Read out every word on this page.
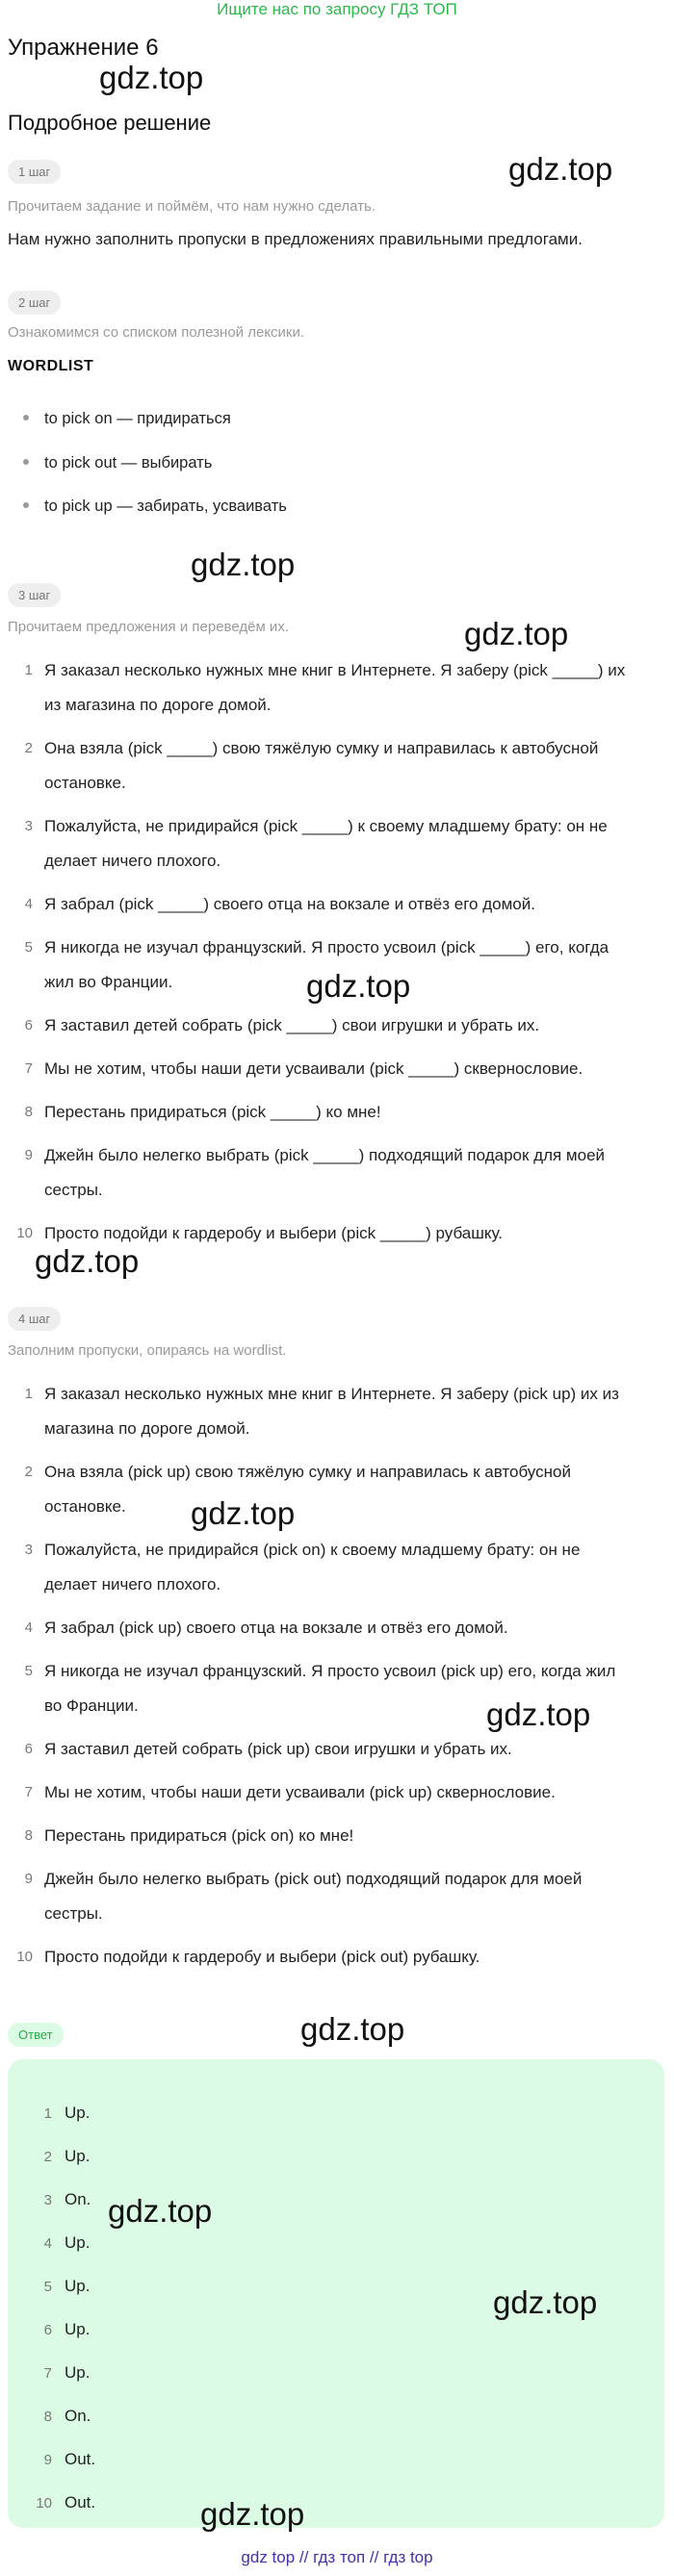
Ищите нас по запросу ГДЗ ТОП
Упражнение 6
gdz.top
Подробное решение
1 шаг	gdz.top
Прочитаем задание и поймём, что нам нужно сделать.
Нам нужно заполнить пропуски в предложениях правильными предлогами.
2 шаг
Ознакомимся со списком полезной лексики.
WORDLIST
to pick on — придираться
to pick out — выбирать
to pick up — забирать, усваивать
gdz.top
3 шаг
Прочитаем предложения и переведём их.	gdz.top
1 Я заказал несколько нужных мне книг в Интернете. Я заберу (pick _____) их
из магазина по дороге домой.
2 Она взяла (pick _____) свою тяжёлую сумку и направилась к автобусной
остановке.
3 Пожалуйста, не придирайся (pick _____) к своему младшему брату: он не
делает ничего плохого.
4 Я забрал (pick _____) своего отца на вокзале и отвёз его домой.
5 Я никогда не изучал французский. Я просто усвоил (pick _____) его, когда
жил во Франции.	gdz.top
6 Я заставил детей собрать (pick _____) свои игрушки и убрать их.
7 Мы не хотим, чтобы наши дети усваивали (pick _____) сквернословие.
8 Перестань придираться (pick _____) ко мне!
9 Джейн было нелегко выбрать (pick _____) подходящий подарок для моей
сестры.
10 Просто подойди к гардеробу и выбери (pick _____) рубашку.
gdz.top
4 шаг
Заполним пропуски, опираясь на wordlist.
1 Я заказал несколько нужных мне книг в Интернете. Я заберу (pick up) их из
магазина по дороге домой.
2 Она взяла (pick up) свою тяжёлую сумку и направилась к автобусной
остановке.	gdz.top
3 Пожалуйста, не придирайся (pick on) к своему младшему брату: он не
делает ничего плохого.
4 Я забрал (pick up) своего отца на вокзале и отвёз его домой.
5 Я никогда не изучал французский. Я просто усвоил (pick up) его, когда жил
во Франции.	gdz.top
6 Я заставил детей собрать (pick up) свои игрушки и убрать их.
7 Мы не хотим, чтобы наши дети усваивали (pick up) сквернословие.
8 Перестань придираться (pick on) ко мне!
9 Джейн было нелегко выбрать (pick out) подходящий подарок для моей
сестры.
10 Просто подойди к гардеробу и выбери (pick out) рубашку.
gdz.top
Ответ
1 Up.
2 Up.
3 On. gdz.top
4 Up.
5 Up.	gdz.top
6 Up.
7 Up.
8 On.
9 Out.
10 Out.	gdz.top
gdz top // гдз топ // гдз top
